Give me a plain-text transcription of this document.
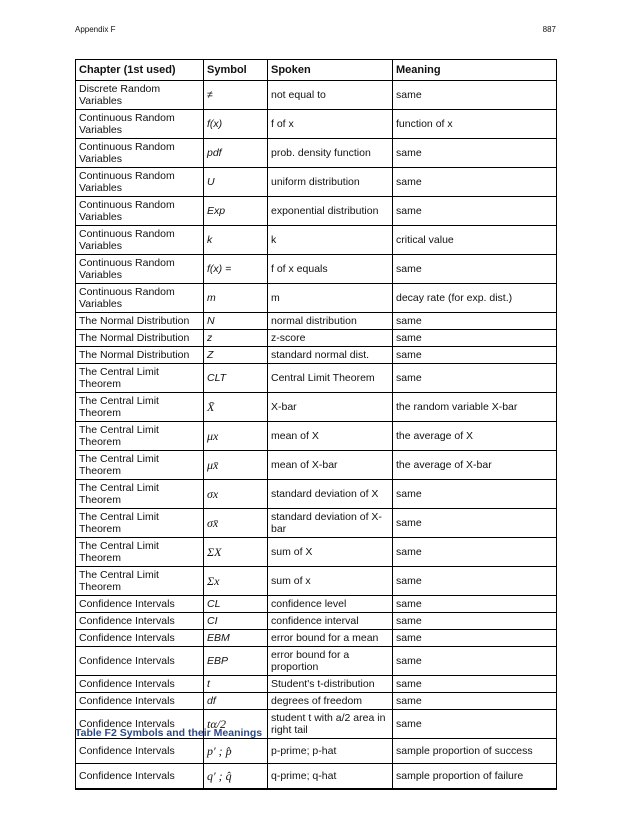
Appendix F	887
Chapter (1st used)	Symbol	Spoken	Meaning
Discrete Random Variables	≠	not equal to	same
Continuous Random Variables	f(x)	f of x	function of x
Continuous Random Variables	pdf	prob. density function	same
Continuous Random Variables	U	uniform distribution	same
Continuous Random Variables	Exp	exponential distribution	same
Continuous Random Variables	k	k	critical value
Continuous Random Variables	f(x) =	f of x equals	same
Continuous Random Variables	m	m	decay rate (for exp. dist.)
The Normal Distribution	N	normal distribution	same
The Normal Distribution	z	z-score	same
The Normal Distribution	Z	standard normal dist.	same
The Central Limit Theorem	CLT	Central Limit Theorem	same
The Central Limit Theorem	X̄	X-bar	the random variable X-bar
The Central Limit Theorem	μx	mean of X	the average of X
The Central Limit Theorem	μx̄	mean of X-bar	the average of X-bar
The Central Limit Theorem	σx	standard deviation of X	same
The Central Limit Theorem	σx̄	standard deviation of X-bar	same
The Central Limit Theorem	ΣX	sum of X	same
The Central Limit Theorem	Σx	sum of x	same
Confidence Intervals	CL	confidence level	same
Confidence Intervals	CI	confidence interval	same
Confidence Intervals	EBM	error bound for a mean	same
Confidence Intervals	EBP	error bound for a proportion	same
Confidence Intervals	t	Student's t-distribution	same
Confidence Intervals	df	degrees of freedom	same
Confidence Intervals	tα/2	student t with a/2 area in right tail	same
Confidence Intervals	p′ ; p̂	p-prime; p-hat	sample proportion of success
Confidence Intervals	q′ ; q̂	q-prime; q-hat	sample proportion of failure
Table F2 Symbols and their Meanings
